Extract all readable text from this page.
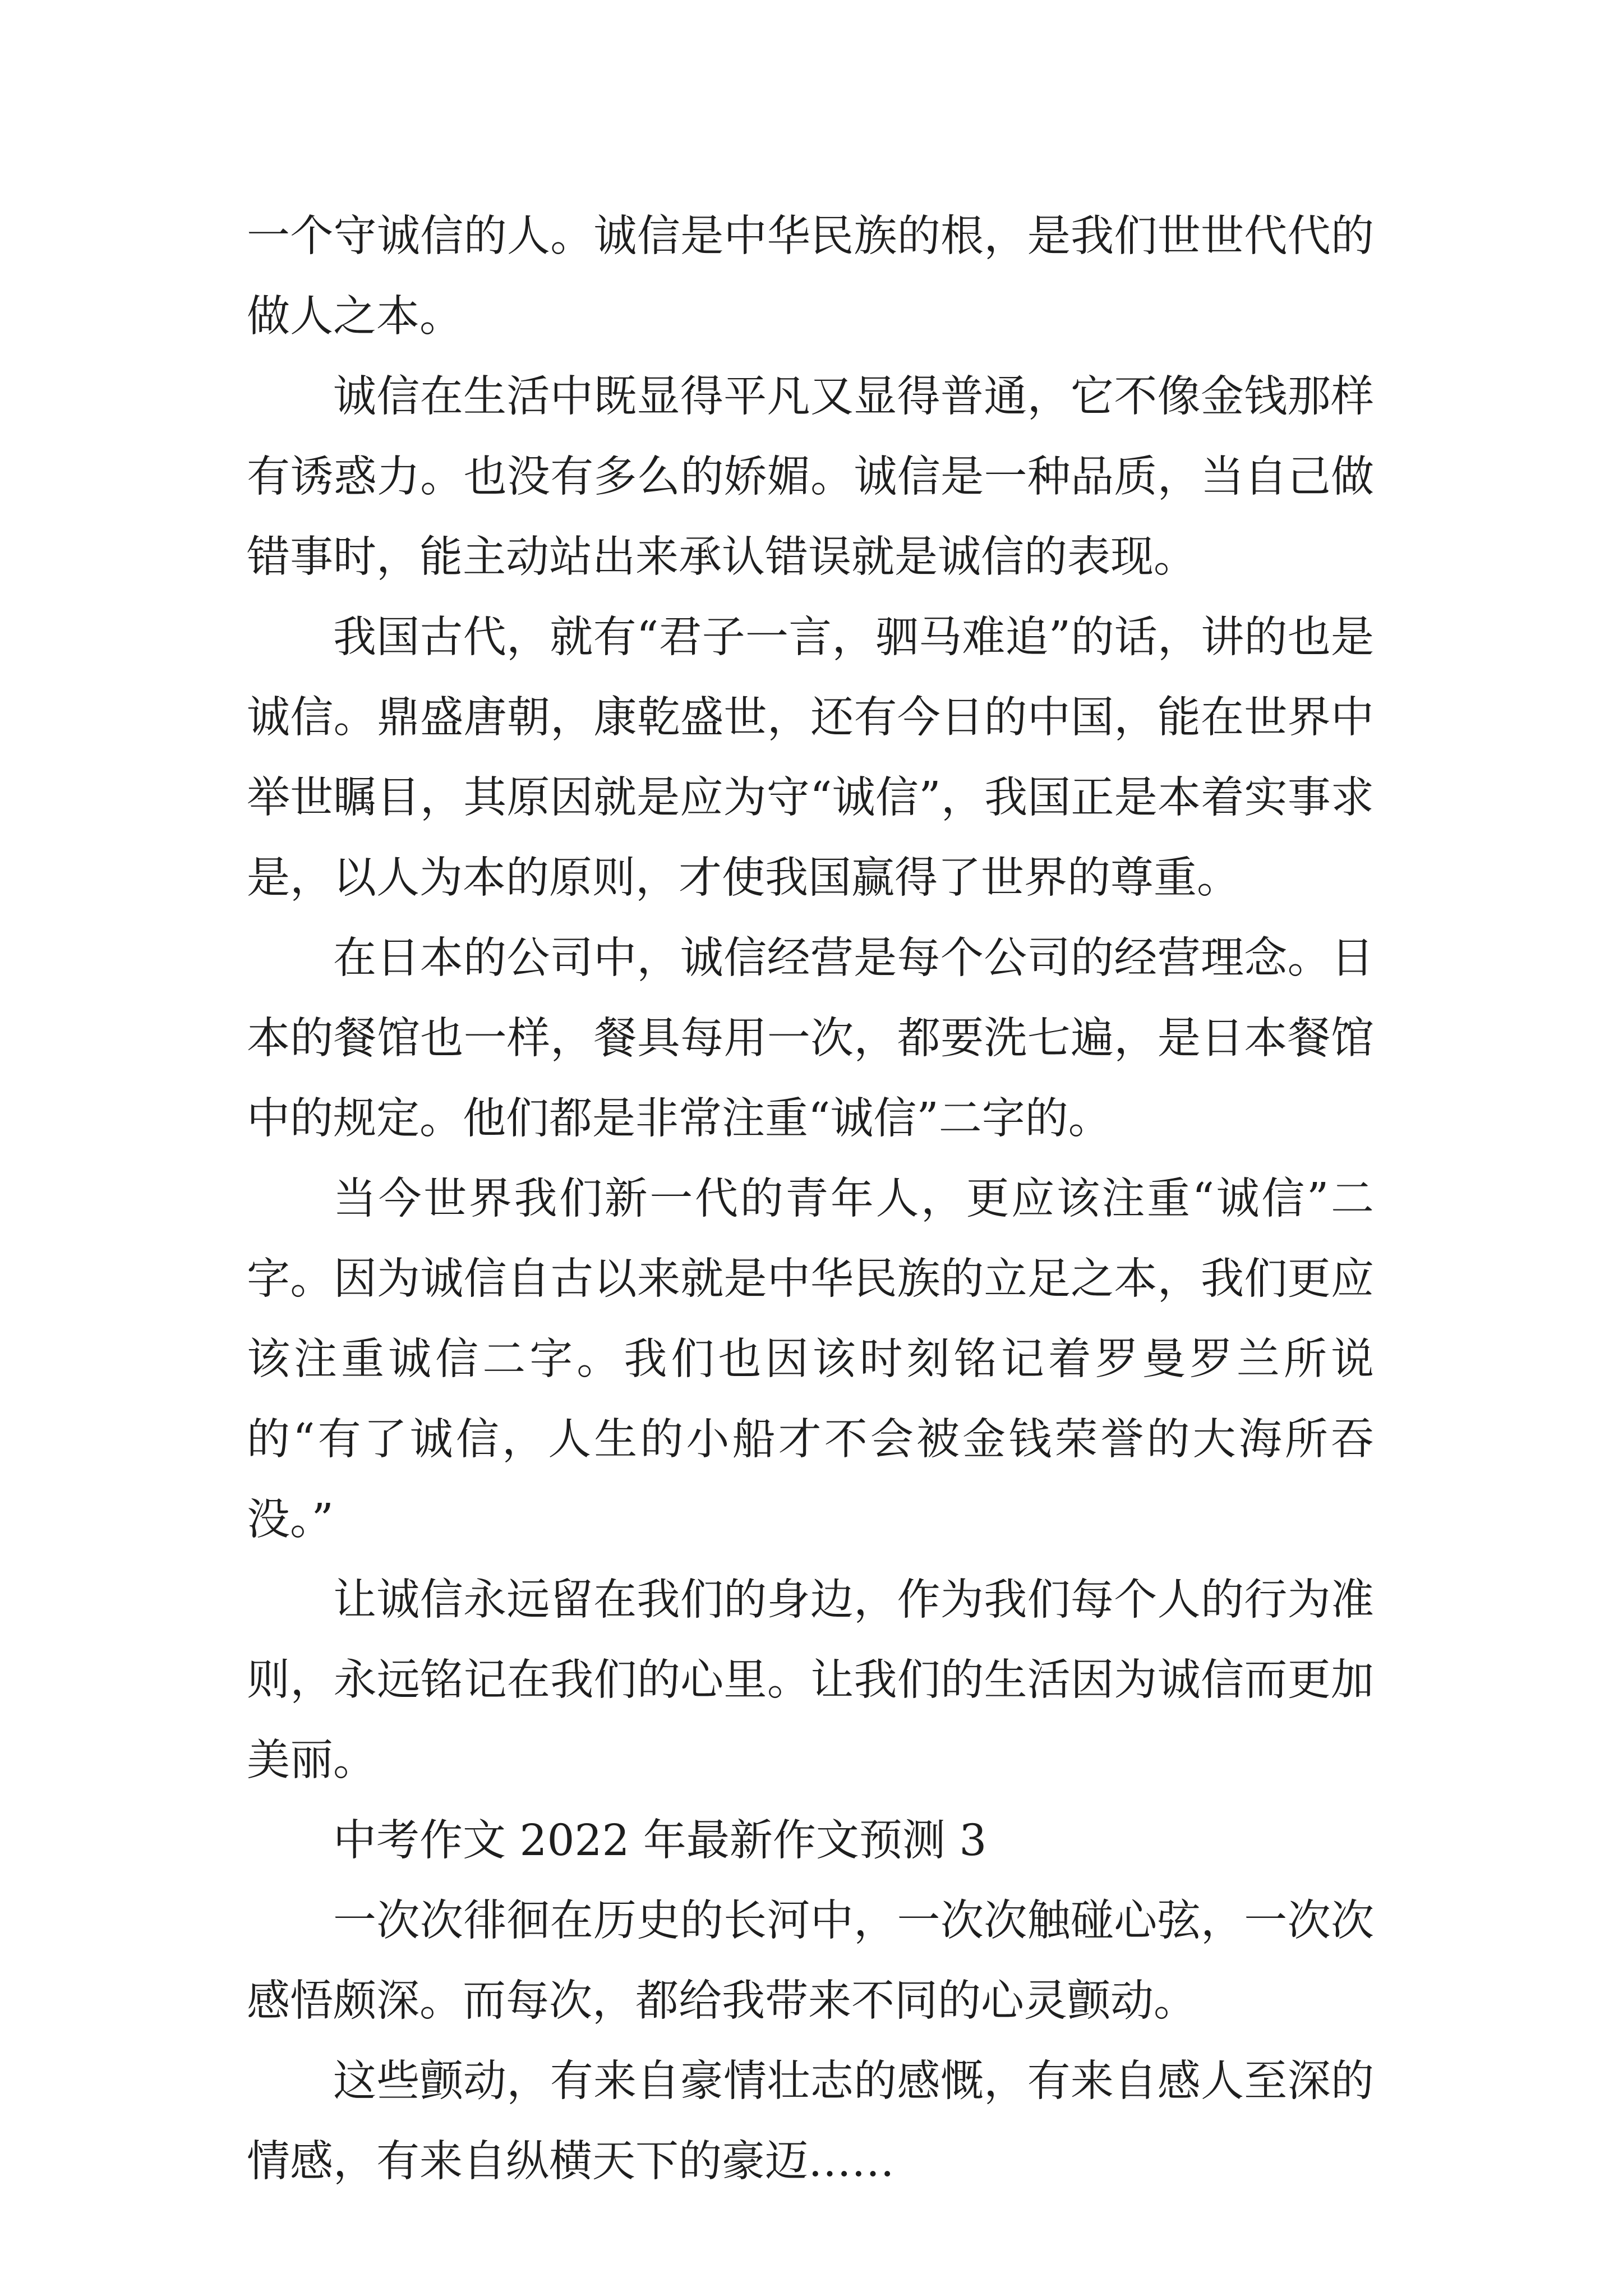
一个守诚信的人。诚信是中华民族的根，是我们世世代代的做人之本。

诚信在生活中既显得平凡又显得普通，它不像金钱那样有诱惑力。也没有多么的娇媚。诚信是一种品质，当自己做错事时，能主动站出来承认错误就是诚信的表现。

我国古代，就有“君子一言，驷马难追”的话，讲的也是诚信。鼎盛唐朝，康乾盛世，还有今日的中国，能在世界中举世瞩目，其原因就是应为守“诚信”，我国正是本着实事求是，以人为本的原则，才使我国赢得了世界的尊重。

在日本的公司中，诚信经营是每个公司的经营理念。日本的餐馆也一样，餐具每用一次，都要洗七遍，是日本餐馆中的规定。他们都是非常注重“诚信”二字的。

当今世界我们新一代的青年人，更应该注重“诚信”二字。因为诚信自古以来就是中华民族的立足之本，我们更应该注重诚信二字。我们也因该时刻铭记着罗曼罗兰所说的“有了诚信，人生的小船才不会被金钱荣誉的大海所吞没。”

让诚信永远留在我们的身边，作为我们每个人的行为准则，永远铭记在我们的心里。让我们的生活因为诚信而更加美丽。

中考作文 2022 年最新作文预测 3

一次次徘徊在历史的长河中，一次次触碰心弦，一次次感悟颇深。而每次，都给我带来不同的心灵颤动。

这些颤动，有来自豪情壮志的感慨，有来自感人至深的情感，有来自纵横天下的豪迈……
